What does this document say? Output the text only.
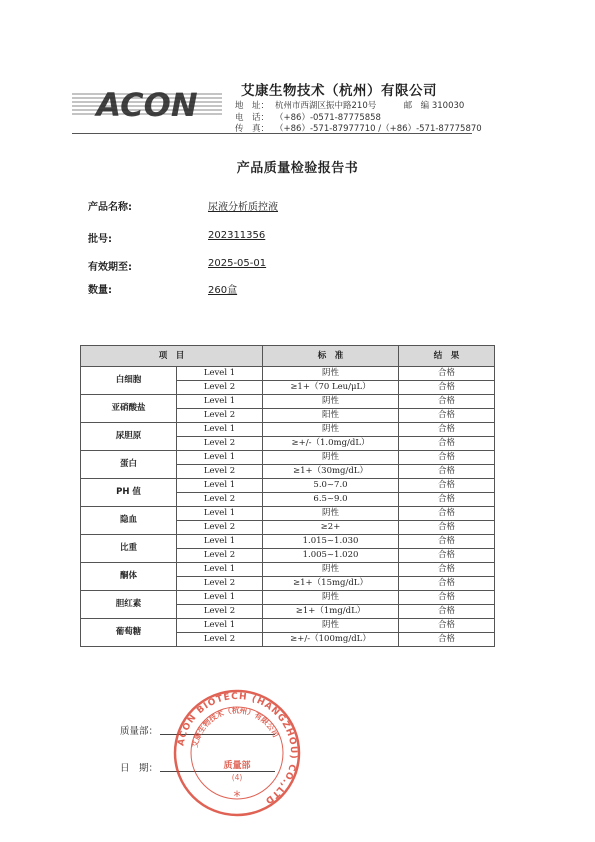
ACON	艾康生物技术（杭州）有限公司
地　址： 杭州市西湖区振中路210号	邮　编 310030
电　话： （+86）-0571-87775858
传　真： （+86）-571-87977710 /（+86）-571-87775870
产品质量检验报告书
产品名称:	尿液分析质控液
批号:	202311356
有效期至:	2025-05-01
数量:	260盒
项　目		标　准	结　果
白细胞	Level 1	阴性	合格
	Level 2	≥1+（70 Leu/μL）	合格
亚硝酸盐	Level 1	阴性	合格
	Level 2	阳性	合格
尿胆原	Level 1	阴性	合格
	Level 2	≥+/-（1.0mg/dL）	合格
蛋白	Level 1	阴性	合格
	Level 2	≥1+（30mg/dL）	合格
PH 值	Level 1	5.0~7.0	合格
	Level 2	6.5~9.0	合格
隐血	Level 1	阴性	合格
	Level 2	≥2+	合格
比重	Level 1	1.015~1.030	合格
	Level 2	1.005~1.020	合格
酮体	Level 1	阴性	合格
	Level 2	≥1+（15mg/dL）	合格
胆红素	Level 1	阴性	合格
	Level 2	≥1+（1mg/dL）	合格
葡萄糖	Level 1	阴性	合格
	Level 2	≥+/-（100mg/dL）	合格
质量部：
日　期：
ACON BIOTECH (HANGZHOU) CO.,LTD
艾康生物技术（杭州）有限公司
质量部
(4)
*
